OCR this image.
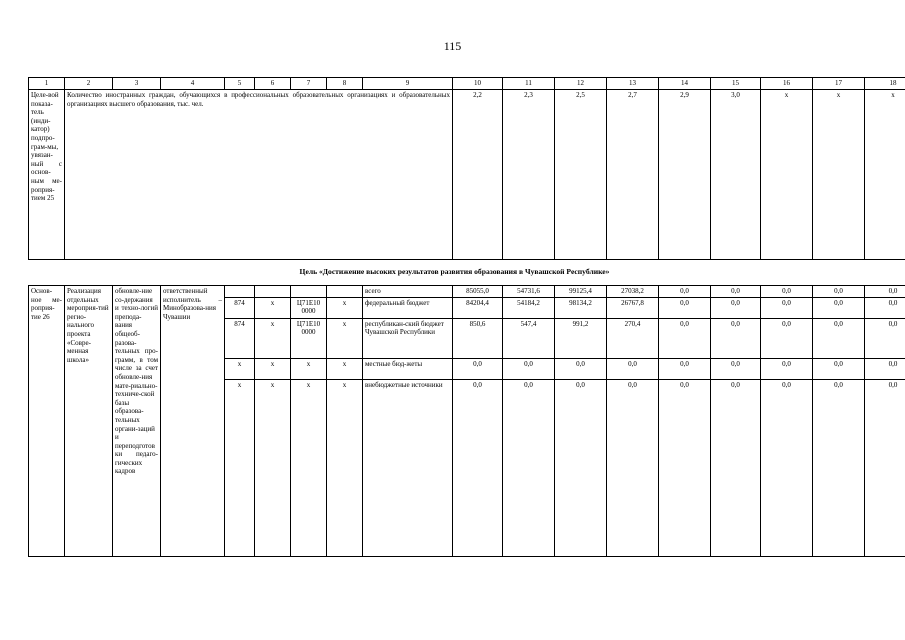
115
1	2	3	4	5	6	7	8	9	10	11	12	13	14	15	16	17	18
Целе-вой показа-тель (инди-катор) подпро-грам-мы, увязан-ный с основ-ным ме-роприя-тием 25	Количество иностранных граждан, обучающихся в профессиональных образовательных организациях и образовательных организациях высшего образования, тыс. чел.								2,2	2,3	2,5	2,7	2,9	3,0	x	x	x
Цель «Достижение высоких результатов развития образования в Чувашской Республике»
Основ-ное ме-роприя-тие 26	Реализация отдельных мероприя-тий регио-нального проекта «Совре-менная школа»	обновле-ние со-держания и техно-логий препода-вания общеоб-разова-тельных про-грамм, в том числе за счет обновле-ния мате-риально-техниче-ской базы образова-тельных органи-заций и переподготовки педаго-гических кадров	ответственный исполнитель – Минобразова-ния Чувашии					всего	85055,0	54731,6	99125,4	27038,2	0,0	0,0	0,0	0,0	0,0
				874	х	Ц71Е10 0000	х	федеральный бюджет	84204,4	54184,2	98134,2	26767,8	0,0	0,0	0,0	0,0	0,0
				874	х	Ц71Е10 0000	х	республикан-ский бюджет Чувашской Республики	850,6	547,4	991,2	270,4	0,0	0,0	0,0	0,0	0,0
				х	х	х	х	местные бюд-жеты	0,0	0,0	0,0	0,0	0,0	0,0	0,0	0,0	0,0
				х	х	х	х	внебюджетные источники	0,0	0,0	0,0	0,0	0,0	0,0	0,0	0,0	0,0
